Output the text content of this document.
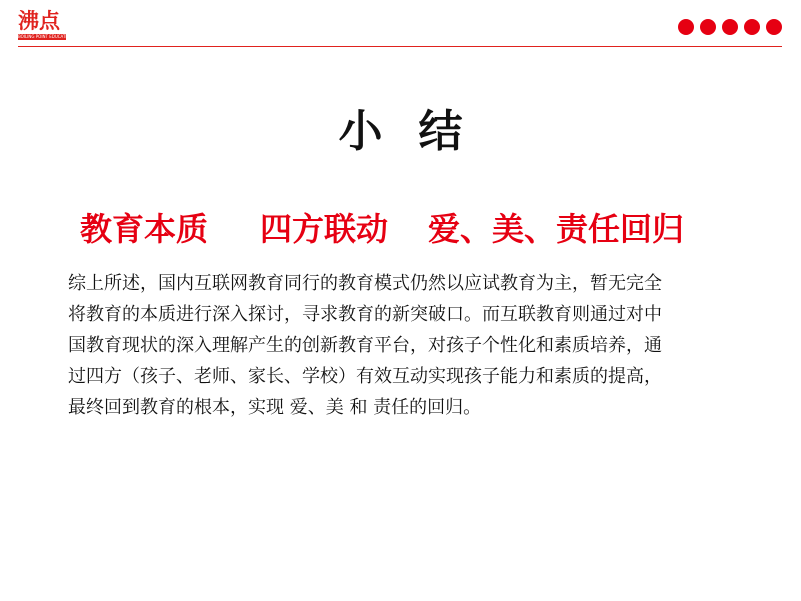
沸点
BOILING POINT EDUCATION
小结
教育本质 四方联动 爱、美、责任回归
综上所述，国内互联网教育同行的教育模式仍然以应试教育为主，暂无完全
将教育的本质进行深入探讨，寻求教育的新突破口。而互联教育则通过对中
国教育现状的深入理解产生的创新教育平台，对孩子个性化和素质培养，通
过四方（孩子、老师、家长、学校）有效互动实现孩子能力和素质的提高，
最终回到教育的根本，实现 爱、美 和 责任的回归。
